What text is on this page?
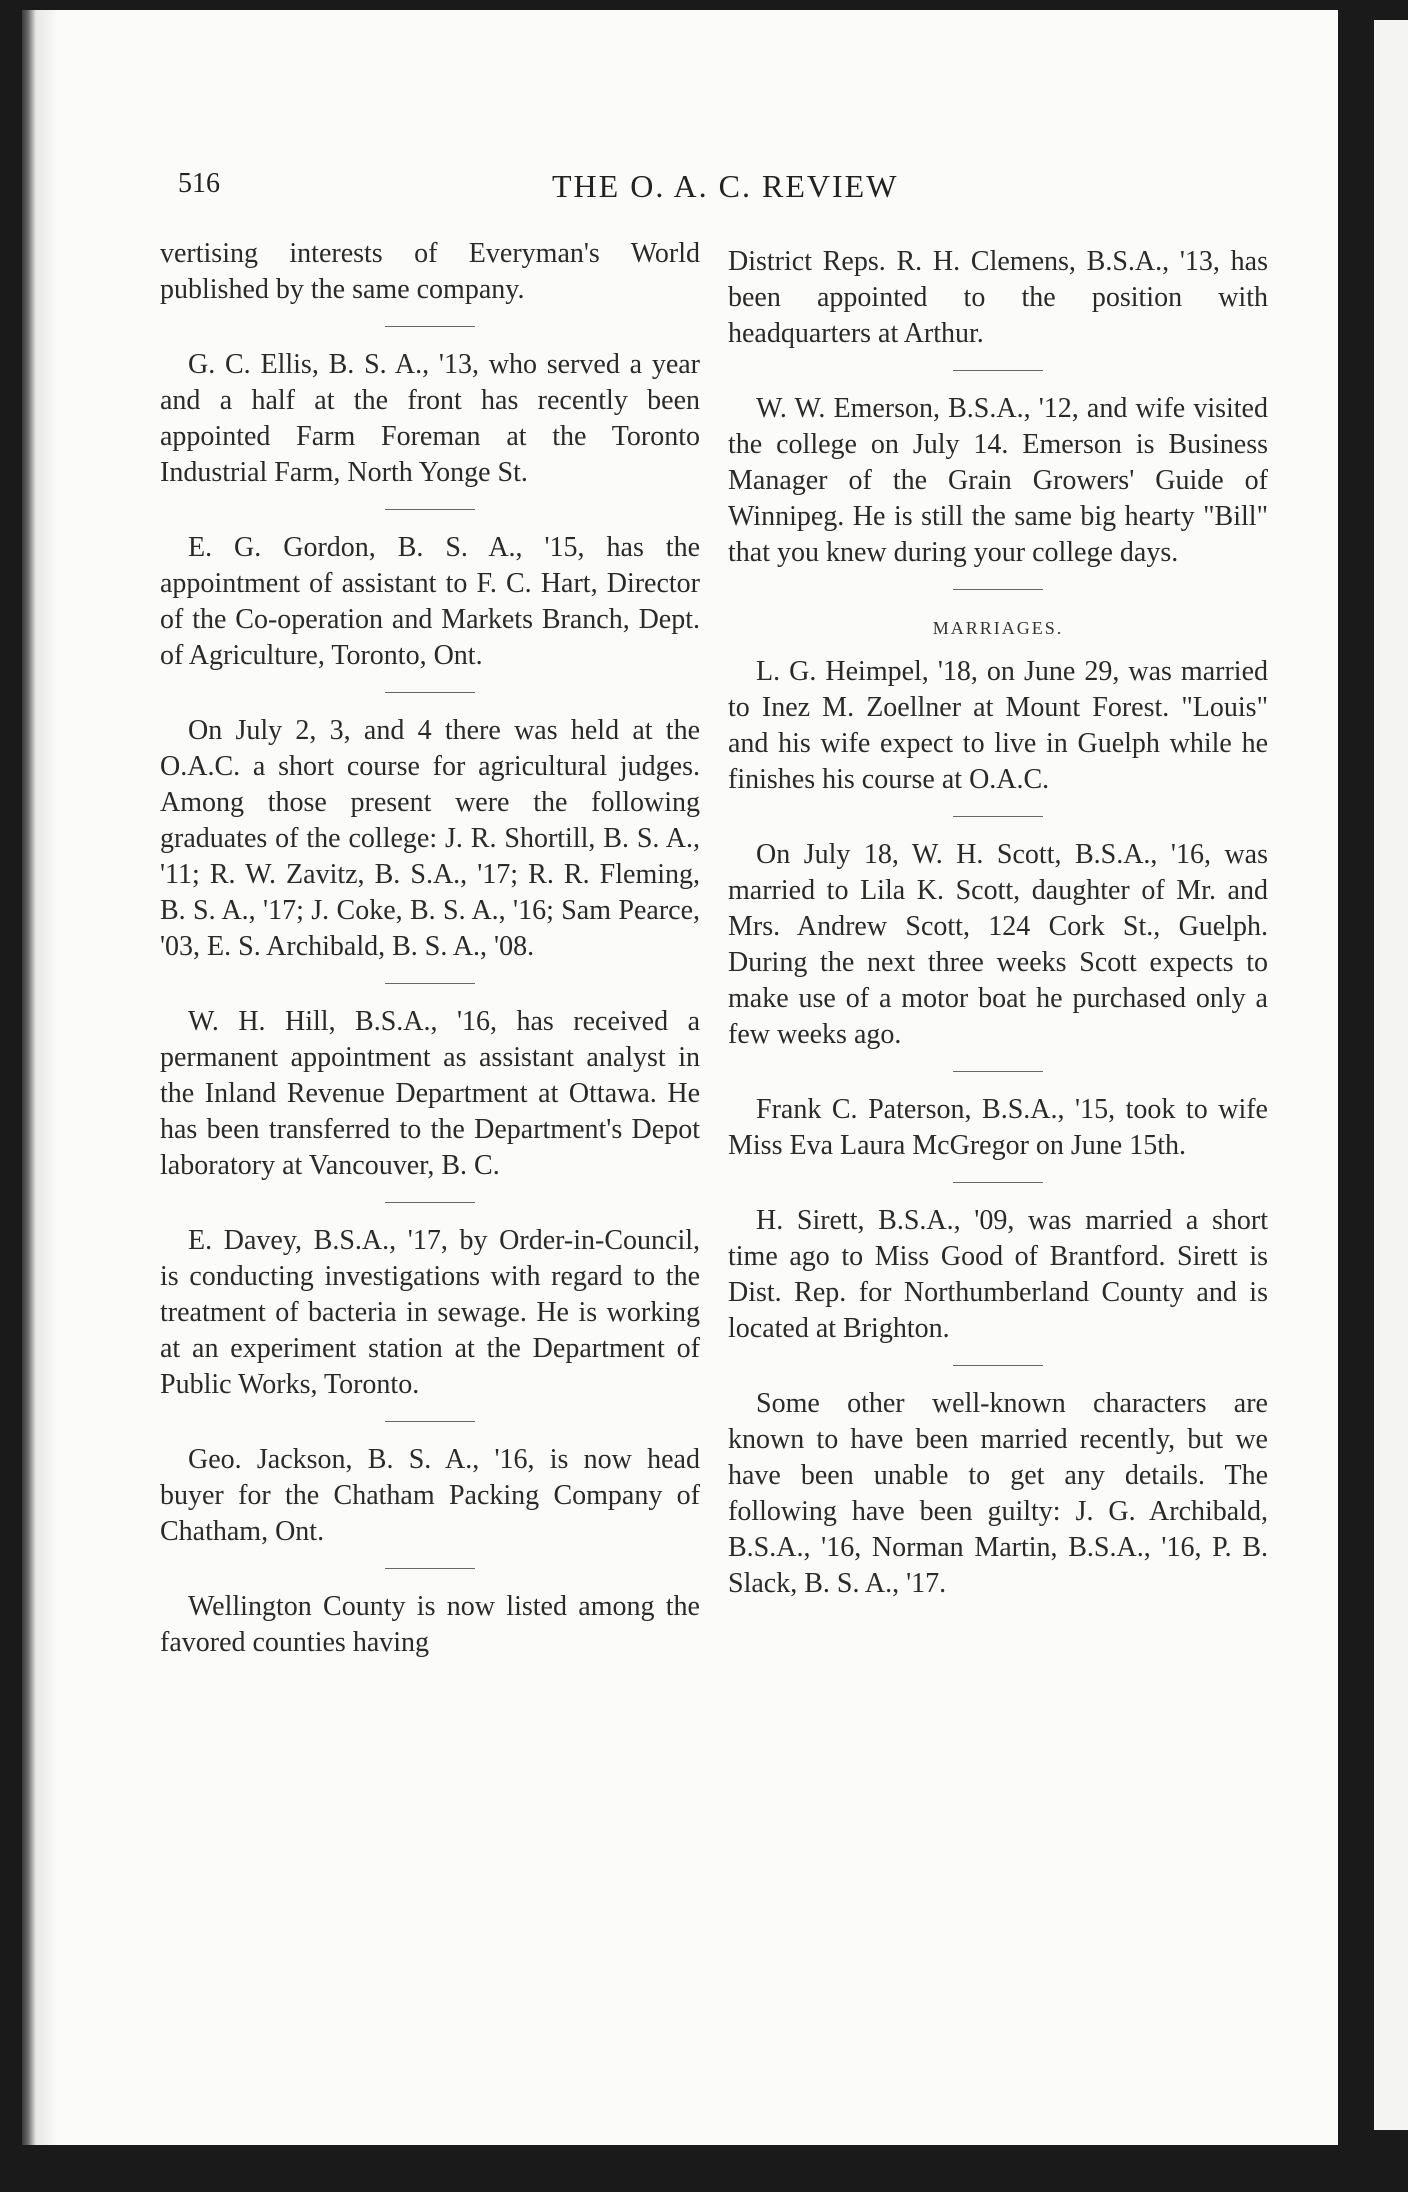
516	THE O. A. C. REVIEW

vertising interests of Everyman's World published by the same company.

G. C. Ellis, B. S. A., '13, who served a year and a half at the front has recently been appointed Farm Foreman at the Toronto Industrial Farm, North Yonge St.

E. G. Gordon, B. S. A., '15, has the appointment of assistant to F. C. Hart, Director of the Co-operation and Markets Branch, Dept. of Agriculture, Toronto, Ont.

On July 2, 3, and 4 there was held at the O.A.C. a short course for agricultural judges. Among those present were the following graduates of the college: J. R. Shortill, B. S. A., '11; R. W. Zavitz, B. S.A., '17; R. R. Fleming, B. S. A., '17; J. Coke, B. S. A., '16; Sam Pearce, '03, E. S. Archibald, B. S. A., '08.

W. H. Hill, B.S.A., '16, has received a permanent appointment as assistant analyst in the Inland Revenue Department at Ottawa. He has been transferred to the Department's Depot laboratory at Vancouver, B. C.

E. Davey, B.S.A., '17, by Order-in-Council, is conducting investigations with regard to the treatment of bacteria in sewage. He is working at an experiment station at the Department of Public Works, Toronto.

Geo. Jackson, B. S. A., '16, is now head buyer for the Chatham Packing Company of Chatham, Ont.

Wellington County is now listed among the favored counties having

District Reps. R. H. Clemens, B.S.A., '13, has been appointed to the position with headquarters at Arthur.

W. W. Emerson, B.S.A., '12, and wife visited the college on July 14. Emerson is Business Manager of the Grain Growers' Guide of Winnipeg. He is still the same big hearty "Bill" that you knew during your college days.

MARRIAGES.

L. G. Heimpel, '18, on June 29, was married to Inez M. Zoellner at Mount Forest. "Louis" and his wife expect to live in Guelph while he finishes his course at O.A.C.

On July 18, W. H. Scott, B.S.A., '16, was married to Lila K. Scott, daughter of Mr. and Mrs. Andrew Scott, 124 Cork St., Guelph. During the next three weeks Scott expects to make use of a motor boat he purchased only a few weeks ago.

Frank C. Paterson, B.S.A., '15, took to wife Miss Eva Laura McGregor on June 15th.

H. Sirett, B.S.A., '09, was married a short time ago to Miss Good of Brantford. Sirett is Dist. Rep. for Northumberland County and is located at Brighton.

Some other well-known characters are known to have been married recently, but we have been unable to get any details. The following have been guilty: J. G. Archibald, B.S.A., '16, Norman Martin, B.S.A., '16, P. B. Slack, B. S. A., '17.
